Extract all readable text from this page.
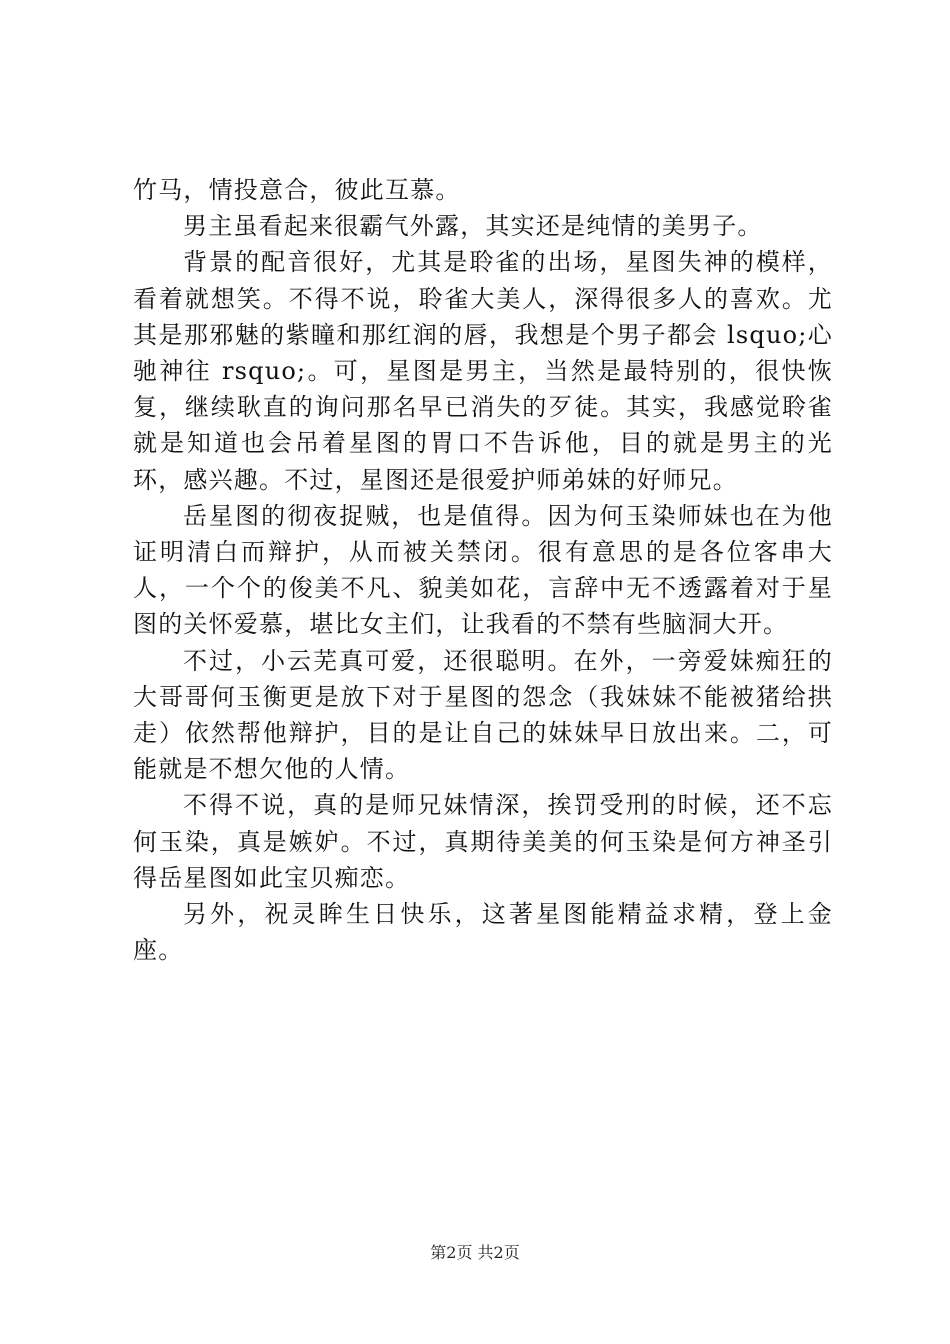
竹马，情投意合，彼此互慕。

男主虽看起来很霸气外露，其实还是纯情的美男子。

背景的配音很好，尤其是聆雀的出场，星图失神的模样，看着就想笑。不得不说，聆雀大美人，深得很多人的喜欢。尤其是那邪魅的紫瞳和那红润的唇，我想是个男子都会 lsquo;心驰神往 rsquo;。可，星图是男主，当然是最特别的，很快恢复，继续耿直的询问那名早已消失的歹徒。其实，我感觉聆雀就是知道也会吊着星图的胃口不告诉他，目的就是男主的光环，感兴趣。不过，星图还是很爱护师弟妹的好师兄。

岳星图的彻夜捉贼，也是值得。因为何玉染师妹也在为他证明清白而辩护，从而被关禁闭。很有意思的是各位客串大人，一个个的俊美不凡、貌美如花，言辞中无不透露着对于星图的关怀爱慕，堪比女主们，让我看的不禁有些脑洞大开。

不过，小云芜真可爱，还很聪明。在外，一旁爱妹痴狂的大哥哥何玉衡更是放下对于星图的怨念（我妹妹不能被猪给拱走）依然帮他辩护，目的是让自己的妹妹早日放出来。二，可能就是不想欠他的人情。

不得不说，真的是师兄妹情深，挨罚受刑的时候，还不忘何玉染，真是嫉妒。不过，真期待美美的何玉染是何方神圣引得岳星图如此宝贝痴恋。

另外，祝灵眸生日快乐，这著星图能精益求精，登上金座。

第2页 共2页
